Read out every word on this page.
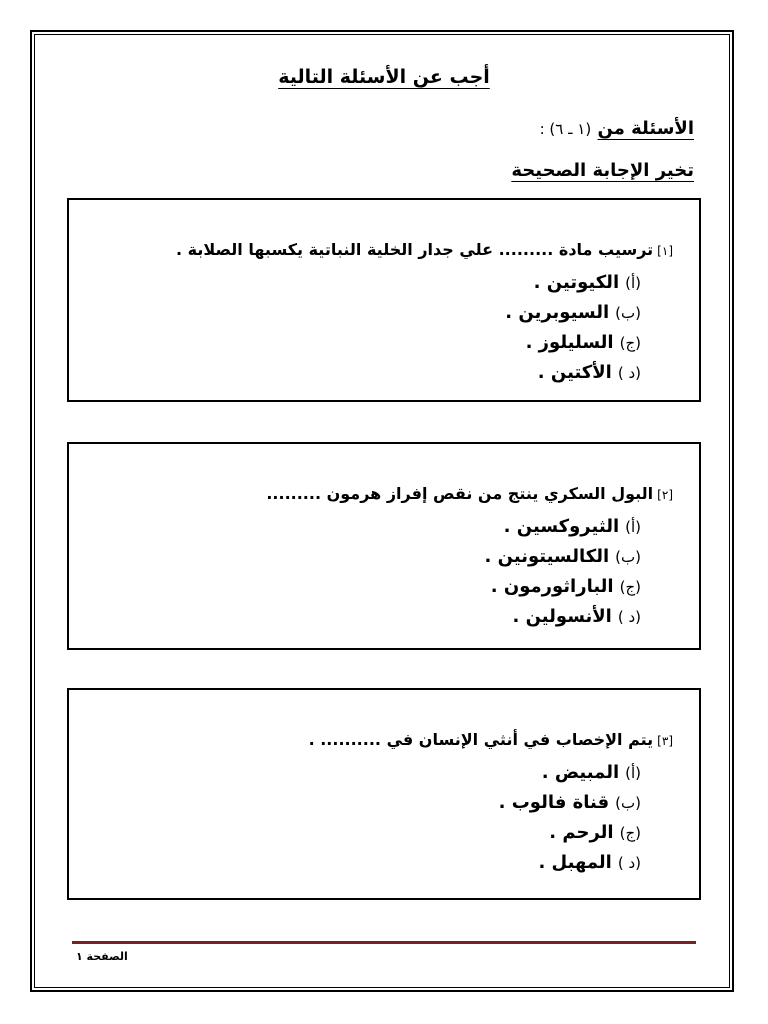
أجب عن الأسئلة التالية
الأسئلة من (١ ـ ٦) :
تخير الإجابة الصحيحة
[١]ترسيب مادة ......... علي جدار الخلية النباتية يكسبها الصلابة .
(أ)الكيوتين .
(ب)السيوبرين .
(ج)السليلوز .
(د )الأكتين .
[٢]البول السكري ينتج من نقص إفراز هرمون .........
(أ)الثيروكسين .
(ب)الكالسيتونين .
(ج)الباراثورمون .
(د )الأنسولين .
[٣]يتم الإخصاب في أنثي الإنسان في .......... .
(أ)المبيض .
(ب)قناة فالوب .
(ج)الرحم .
(د )المهبل .
الصفحة ١
